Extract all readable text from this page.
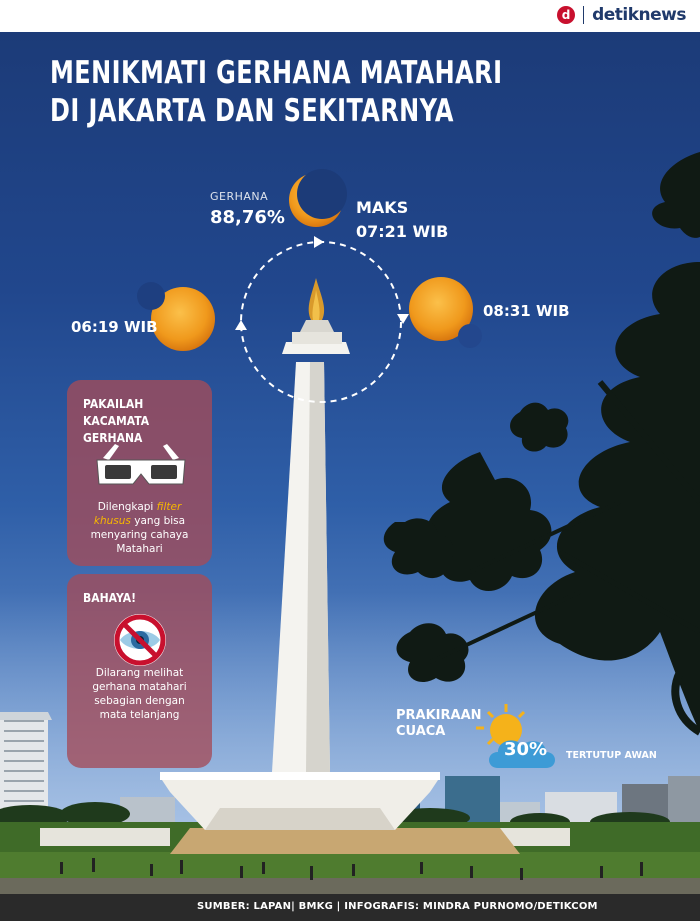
d detiknews
MENIKMATI GERHANA MATAHARI
DI JAKARTA DAN SEKITARNYA
GERHANA
88,76%	MAKS
07:21 WIB
06:19 WIB
08:31 WIB
PAKAILAH
KACAMATA GERHANA
Dilengkapi filter
khusus yang bisa
menyaring cahaya
Matahari
BAHAYA!
Dilarang melihat
gerhana matahari
sebagian dengan
mata telanjang	PRAKIRAAN
CUACA
30% TERTUTUP AWAN
SUMBER: LAPAN| BMKG | INFOGRAFIS: MINDRA PURNOMO/DETIKCOM
